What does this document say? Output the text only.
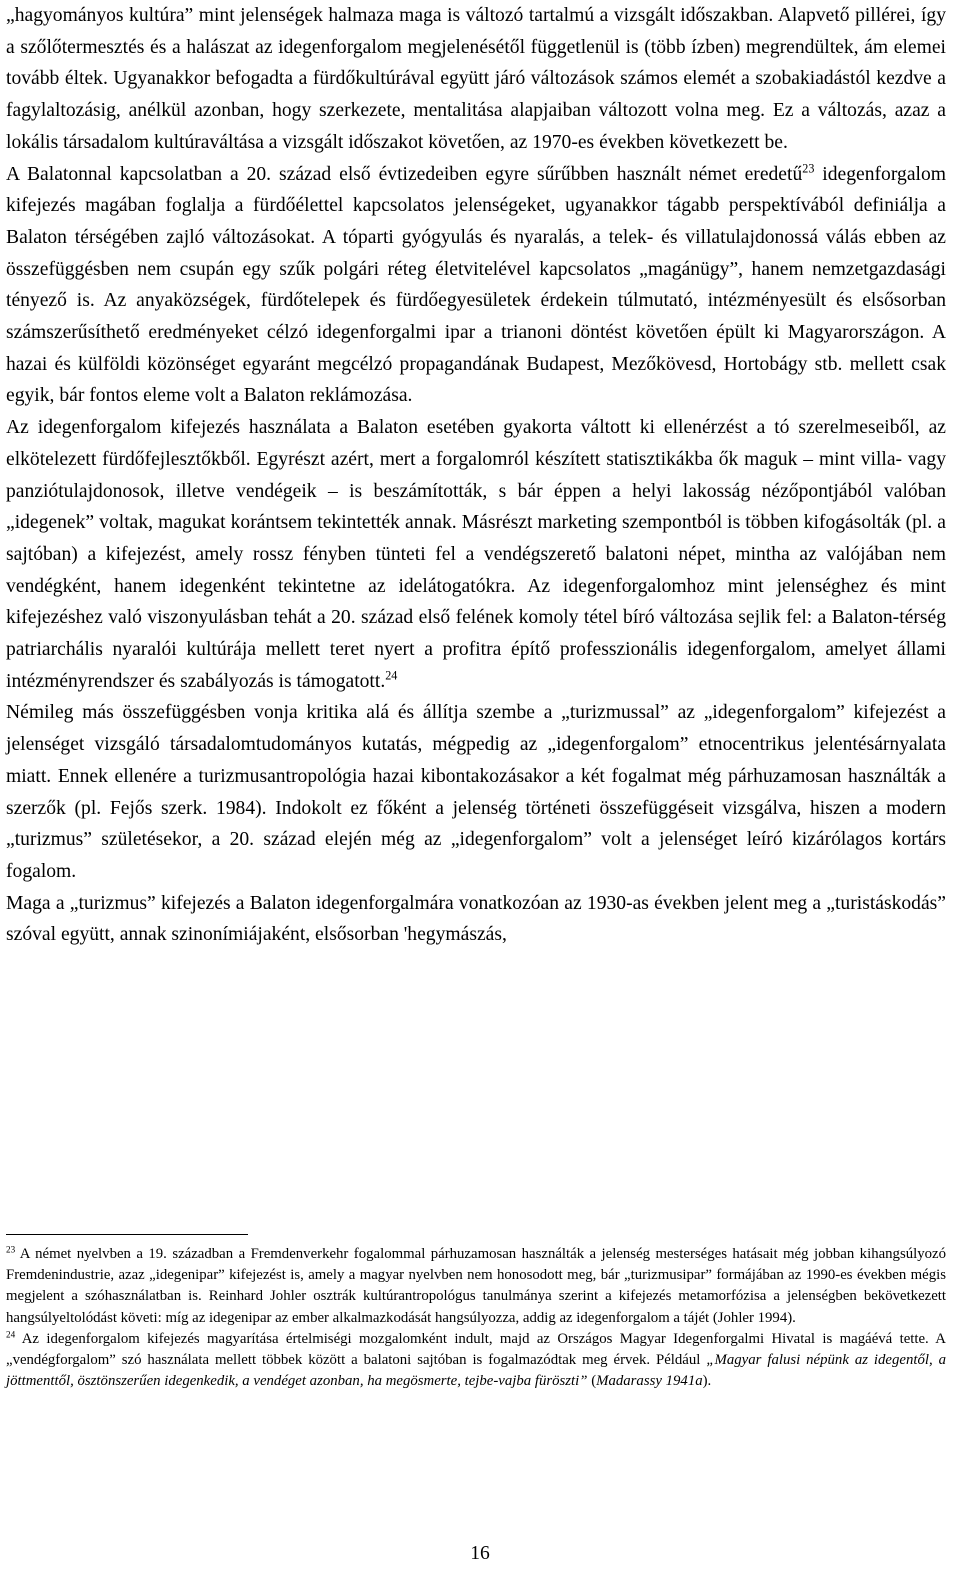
„hagyományos kultúra” mint jelenségek halmaza maga is változó tartalmú a vizsgált időszakban. Alapvető pillérei, így a szőlőtermesztés és a halászat az idegenforgalom megjelenésétől függetlenül is (több ízben) megrendültek, ám elemei tovább éltek. Ugyanakkor befogadta a fürdőkultúrával együtt járó változások számos elemét a szobakiadástól kezdve a fagylaltozásig, anélkül azonban, hogy szerkezete, mentalitása alapjaiban változott volna meg. Ez a változás, azaz a lokális társadalom kultúraváltása a vizsgált időszakot követően, az 1970-es években következett be.

A Balatonnal kapcsolatban a 20. század első évtizedeiben egyre sűrűbben használt német eredetű$^{23}$ idegenforgalom kifejezés magában foglalja a fürdőélettel kapcsolatos jelenségeket, ugyanakkor tágabb perspektívából definiálja a Balaton térségében zajló változásokat. A tóparti gyógyulás és nyaralás, a telek- és villatulajdonossá válás ebben az összefüggésben nem csupán egy szűk polgári réteg életvitelével kapcsolatos „magánügy”, hanem nemzetgazdasági tényező is. Az anyaközségek, fürdőtelepek és fürdőegyesületek érdekein túlmutató, intézményesült és elsősorban számszerűsíthető eredményeket célzó idegenforgalmi ipar a trianoni döntést követően épült ki Magyarországon. A hazai és külföldi közönséget egyaránt megcélzó propagandának Budapest, Mezőkövesd, Hortobágy stb. mellett csak egyik, bár fontos eleme volt a Balaton reklámozása.

Az idegenforgalom kifejezés használata a Balaton esetében gyakorta váltott ki ellenérzést a tó szerelmeseiből, az elkötelezett fürdőfejlesztőkből. Egyrészt azért, mert a forgalomról készített statisztikákba ők maguk – mint villa- vagy panziótulajdonosok, illetve vendégeik – is beszámították, s bár éppen a helyi lakosság nézőpontjából valóban „idegenek” voltak, magukat korántsem tekintették annak. Másrészt marketing szempontból is többen kifogásolták (pl. a sajtóban) a kifejezést, amely rossz fényben tünteti fel a vendégszerető balatoni népet, mintha az valójában nem vendégként, hanem idegenként tekintetne az idelátogatókra. Az idegenforgalomhoz mint jelenséghez és mint kifejezéshez való viszonyulásban tehát a 20. század első felének komoly tétel bíró változása sejlik fel: a Balaton-térség patriarchális nyaralói kultúrája mellett teret nyert a profitra építő professzionális idegenforgalom, amelyet állami intézményrendszer és szabályozás is támogatott.$^{24}$

Némileg más összefüggésben vonja kritika alá és állítja szembe a „turizmussal” az „idegenforgalom” kifejezést a jelenséget vizsgáló társadalomtudományos kutatás, mégpedig az „idegenforgalom” etnocentrikus jelentésárnyalata miatt. Ennek ellenére a turizmusantropológia hazai kibontakozásakor a két fogalmat még párhuzamosan használták a szerzők (pl. Fejős szerk. 1984). Indokolt ez főként a jelenség történeti összefüggéseit vizsgálva, hiszen a modern „turizmus” születésekor, a 20. század elején még az „idegenforgalom” volt a jelenséget leíró kizárólagos kortárs fogalom.

Maga a „turizmus” kifejezés a Balaton idegenforgalmára vonatkozóan az 1930-as években jelent meg a „turistáskodás” szóval együtt, annak szinonímiájaként, elsősorban 'hegymászás,

$^{23}$ A német nyelvben a 19. században a Fremdenverkehr fogalommal párhuzamosan használták a jelenség mesterséges hatásait még jobban kihangsúlyozó Fremdenindustrie, azaz „idegenipar” kifejezést is, amely a magyar nyelvben nem honosodott meg, bár „turizmusipar” formájában az 1990-es években mégis megjelent a szóhasználatban is. Reinhard Johler osztrák kultúrantropológus tanulmánya szerint a kifejezés metamorfózisa a jelenségben bekövetkezett hangsúlyeltolódást követi: míg az idegenipar az ember alkalmazkodását hangsúlyozza, addig az idegenforgalom a tájét (Johler 1994).

$^{24}$ Az idegenforgalom kifejezés magyarítása értelmiségi mozgalomként indult, majd az Országos Magyar Idegenforgalmi Hivatal is magáévá tette. A „vendégforgalom” szó használata mellett többek között a balatoni sajtóban is fogalmazódtak meg érvek. Például „Magyar falusi népünk az idegentől, a jöttmenttől, ösztönszerűen idegenkedik, a vendéget azonban, ha megösmerte, tejbe-vajba füröszti” (Madarassy 1941a).

16
